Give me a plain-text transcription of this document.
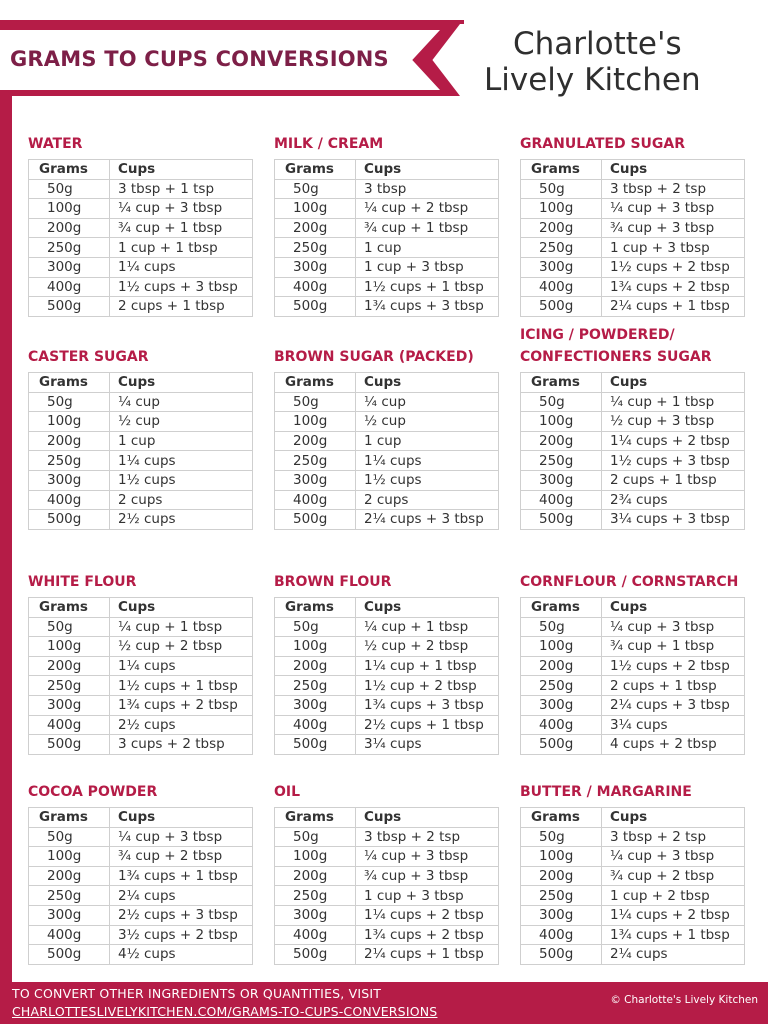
GRAMS TO CUPS CONVERSIONS	Charlotte's
Lively Kitchen
WATER
Grams	Cups
50g	3 tbsp + 1 tsp
100g	¼ cup + 3 tbsp
200g	¾ cup + 1 tbsp
250g	1 cup + 1 tbsp
300g	1¼ cups
400g	1½ cups + 3 tbsp
500g	2 cups + 1 tbsp
MILK / CREAM
Grams	Cups
50g	3 tbsp
100g	¼ cup + 2 tbsp
200g	¾ cup + 1 tbsp
250g	1 cup
300g	1 cup + 3 tbsp
400g	1½ cups + 1 tbsp
500g	1¾ cups + 3 tbsp
GRANULATED SUGAR
Grams	Cups
50g	3 tbsp + 2 tsp
100g	¼ cup + 3 tbsp
200g	¾ cup + 3 tbsp
250g	1 cup + 3 tbsp
300g	1½ cups + 2 tbsp
400g	1¾ cups + 2 tbsp
500g	2¼ cups + 1 tbsp
CASTER SUGAR
Grams	Cups
50g	¼ cup
100g	½ cup
200g	1 cup
250g	1¼ cups
300g	1½ cups
400g	2 cups
500g	2½ cups
BROWN SUGAR (PACKED)
Grams	Cups
50g	¼ cup
100g	½ cup
200g	1 cup
250g	1¼ cups
300g	1½ cups
400g	2 cups
500g	2¼ cups + 3 tbsp
ICING / POWDERED/ CONFECTIONERS SUGAR
Grams	Cups
50g	¼ cup + 1 tbsp
100g	½ cup + 3 tbsp
200g	1¼ cups + 2 tbsp
250g	1½ cups + 3 tbsp
300g	2 cups + 1 tbsp
400g	2¾ cups
500g	3¼ cups + 3 tbsp
WHITE FLOUR
Grams	Cups
50g	¼ cup + 1 tbsp
100g	½ cup + 2 tbsp
200g	1¼ cups
250g	1½ cups + 1 tbsp
300g	1¾ cups + 2 tbsp
400g	2½ cups
500g	3 cups + 2 tbsp
BROWN FLOUR
Grams	Cups
50g	¼ cup + 1 tbsp
100g	½ cup + 2 tbsp
200g	1¼ cup + 1 tbsp
250g	1½ cup + 2 tbsp
300g	1¾ cups + 3 tbsp
400g	2½ cups + 1 tbsp
500g	3¼ cups
CORNFLOUR / CORNSTARCH
Grams	Cups
50g	¼ cup + 3 tbsp
100g	¾ cup + 1 tbsp
200g	1½ cups + 2 tbsp
250g	2 cups + 1 tbsp
300g	2¼ cups + 3 tbsp
400g	3¼ cups
500g	4 cups + 2 tbsp
COCOA POWDER
Grams	Cups
50g	¼ cup + 3 tbsp
100g	¾ cup + 2 tbsp
200g	1¾ cups + 1 tbsp
250g	2¼ cups
300g	2½ cups + 3 tbsp
400g	3½ cups + 2 tbsp
500g	4½ cups
OIL
Grams	Cups
50g	3 tbsp + 2 tsp
100g	¼ cup + 3 tbsp
200g	¾ cup + 3 tbsp
250g	1 cup + 3 tbsp
300g	1¼ cups + 2 tbsp
400g	1¾ cups + 2 tbsp
500g	2¼ cups + 1 tbsp
BUTTER / MARGARINE
Grams	Cups
50g	3 tbsp + 2 tsp
100g	¼ cup + 3 tbsp
200g	¾ cup + 2 tbsp
250g	1 cup + 2 tbsp
300g	1¼ cups + 2 tbsp
400g	1¾ cups + 1 tbsp
500g	2¼ cups
TO CONVERT OTHER INGREDIENTS OR QUANTITIES, VISIT
CHARLOTTESLIVELYKITCHEN.COM/GRAMS-TO-CUPS-CONVERSIONS
© Charlotte's Lively Kitchen
